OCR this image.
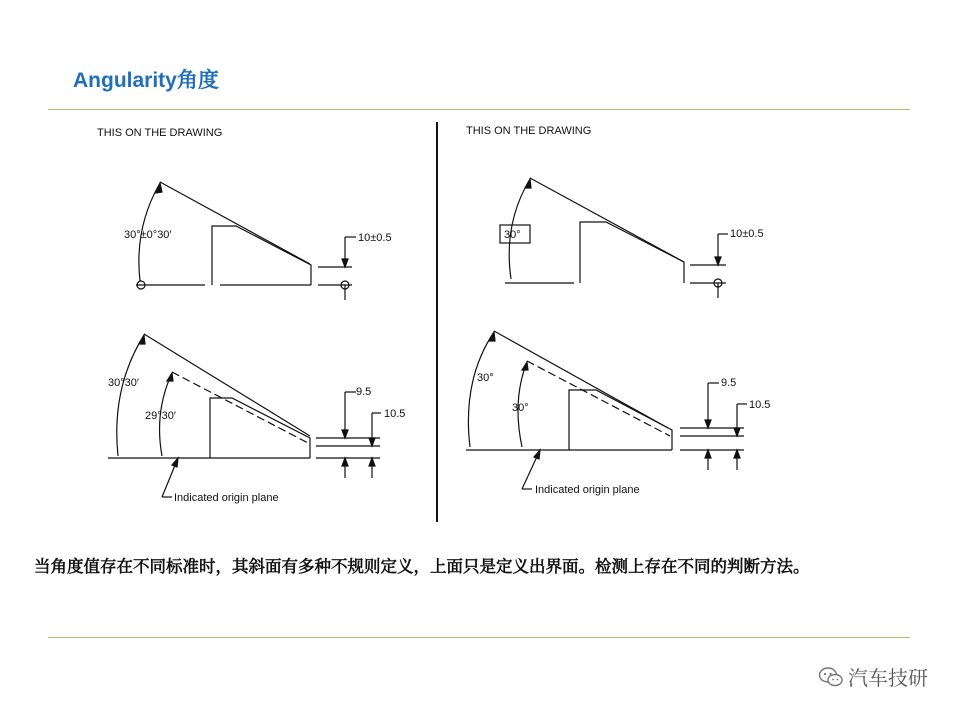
Angularity角度
THIS ON THE DRAWING
30°±0°30′	10±0.5
30°30′
29°30′
9.5
10.5
Indicated origin plane
THIS ON THE DRAWING
30°	10±0.5
30°
30°
9.5
10.5
Indicated origin plane
当角度值存在不同标准时，其斜面有多种不规则定义，上面只是定义出界面。检测上存在不同的判断方法。
汽车技研
